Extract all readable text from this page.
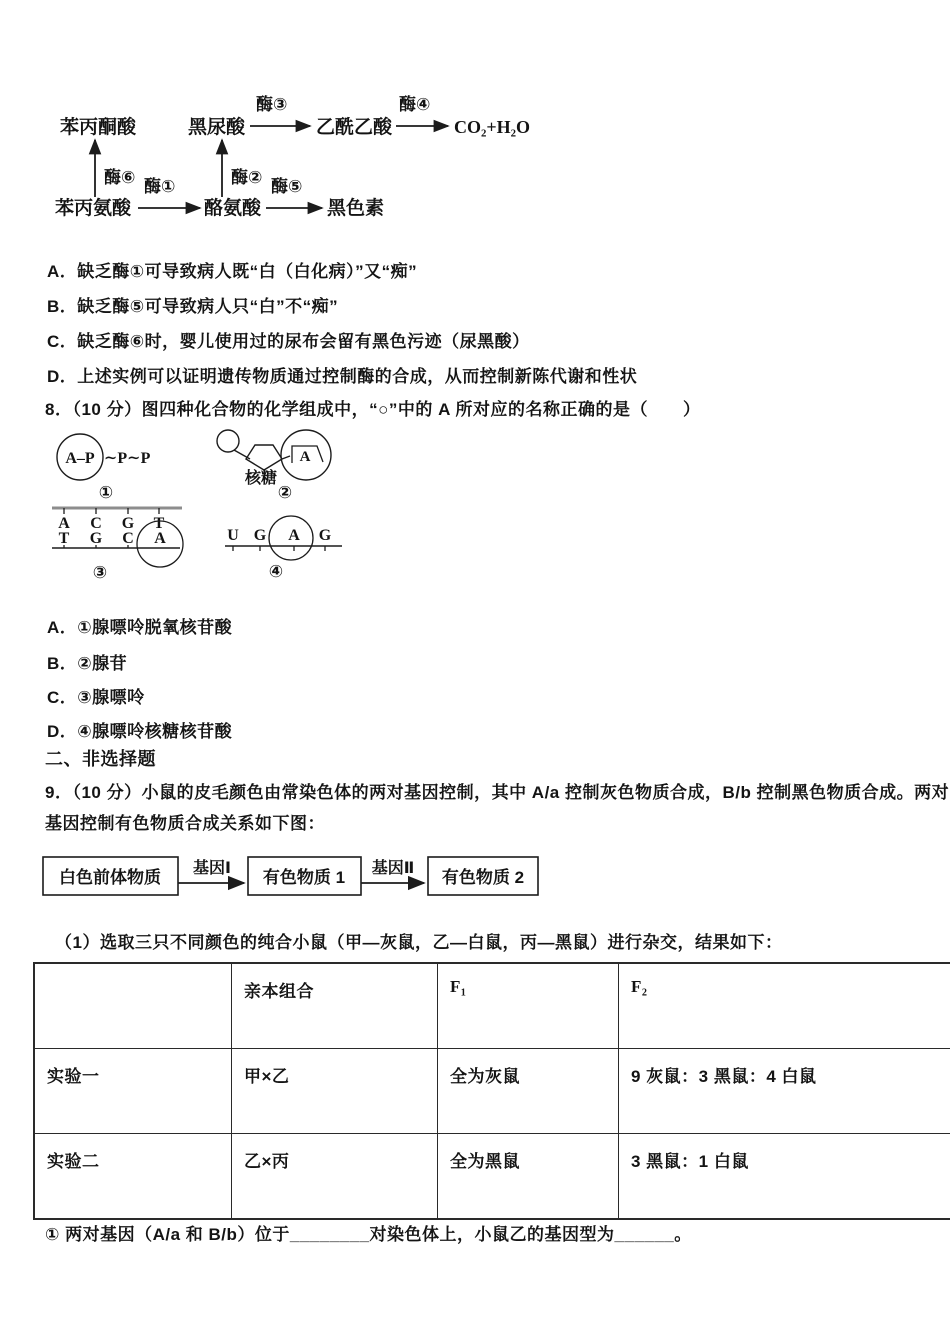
苯丙酮酸	黑尿酸
酶③
乙酰乙酸
酶④
CO₂+H₂O
酶⑥	酶②
苯丙氨酸
酶①
酪氨酸
酶⑤
黑色素
A．缺乏酶①可导致病人既“白（白化病）”又“痴”
B．缺乏酶⑤可导致病人只“白”不“痴”
C．缺乏酶⑥时，婴儿使用过的尿布会留有黑色污迹（尿黑酸）
D．上述实例可以证明遗传物质通过控制酶的合成，从而控制新陈代谢和性状
8．（10 分）图四种化合物的化学组成中，“○”中的 A 所对应的名称正确的是（　　）
A–P ∼P∼P
①
A
核糖
②
A C G T
T G C A
③
U G A G
④
A．①腺嘌呤脱氧核苷酸
B．②腺苷
C．③腺嘌呤
D．④腺嘌呤核糖核苷酸
二、非选择题
9．（10 分）小鼠的皮毛颜色由常染色体的两对基因控制，其中 A/a 控制灰色物质合成，B/b 控制黑色物质合成。两对
基因控制有色物质合成关系如下图：
白色前体物质 基因Ⅰ 有色物质 1 基因Ⅱ 有色物质 2
（1）选取三只不同颜色的纯合小鼠（甲—灰鼠，乙—白鼠，丙—黑鼠）进行杂交，结果如下：
	亲本组合	F₁	F₂
实验一	甲×乙	全为灰鼠	9 灰鼠：3 黑鼠：4 白鼠
实验二	乙×丙	全为黑鼠	3 黑鼠：1 白鼠
① 两对基因（A/a 和 B/b）位于________对染色体上，小鼠乙的基因型为______。
